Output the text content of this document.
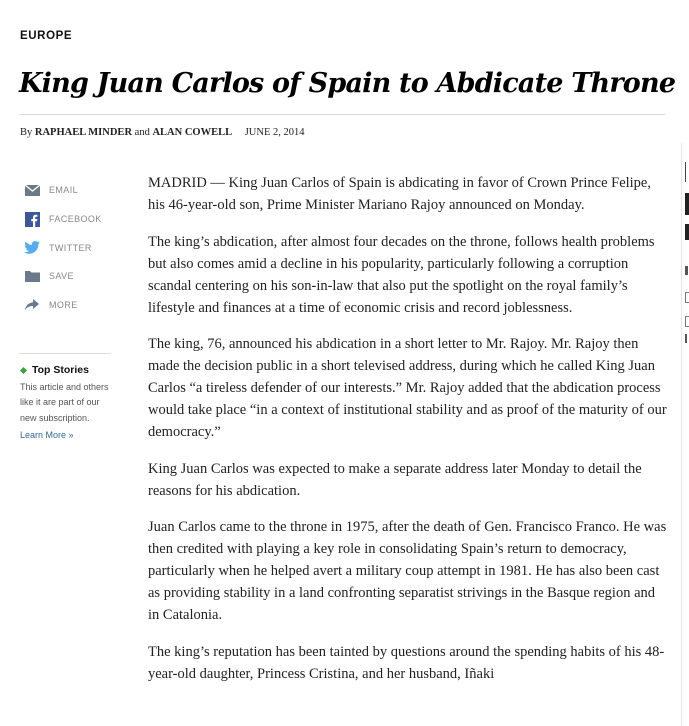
EUROPE
King Juan Carlos of Spain to Abdicate Throne
By RAPHAEL MINDER and ALAN COWELL JUNE 2, 2014
EMAIL
FACEBOOK
TWITTER
SAVE
MORE
Top Stories
This article and others like it are part of our new subscription.
Learn More »

MADRID — King Juan Carlos of Spain is abdicating in favor of Crown Prince Felipe, his 46-year-old son, Prime Minister Mariano Rajoy announced on Monday.

The king’s abdication, after almost four decades on the throne, follows health problems but also comes amid a decline in his popularity, particularly following a corruption scandal centering on his son-in-law that also put the spotlight on the royal family’s lifestyle and finances at a time of economic crisis and record joblessness.

The king, 76, announced his abdication in a short letter to Mr. Rajoy. Mr. Rajoy then made the decision public in a short televised address, during which he called King Juan Carlos “a tireless defender of our interests.” Mr. Rajoy added that the abdication process would take place “in a context of institutional stability and as proof of the maturity of our democracy.”

King Juan Carlos was expected to make a separate address later Monday to detail the reasons for his abdication.

Juan Carlos came to the throne in 1975, after the death of Gen. Francisco Franco. He was then credited with playing a key role in consolidating Spain’s return to democracy, particularly when he helped avert a military coup attempt in 1981. He has also been cast as providing stability in a land confronting separatist strivings in the Basque region and in Catalonia.

The king’s reputation has been tainted by questions around the spending habits of his 48-year-old daughter, Princess Cristina, and her husband, Iñaki
